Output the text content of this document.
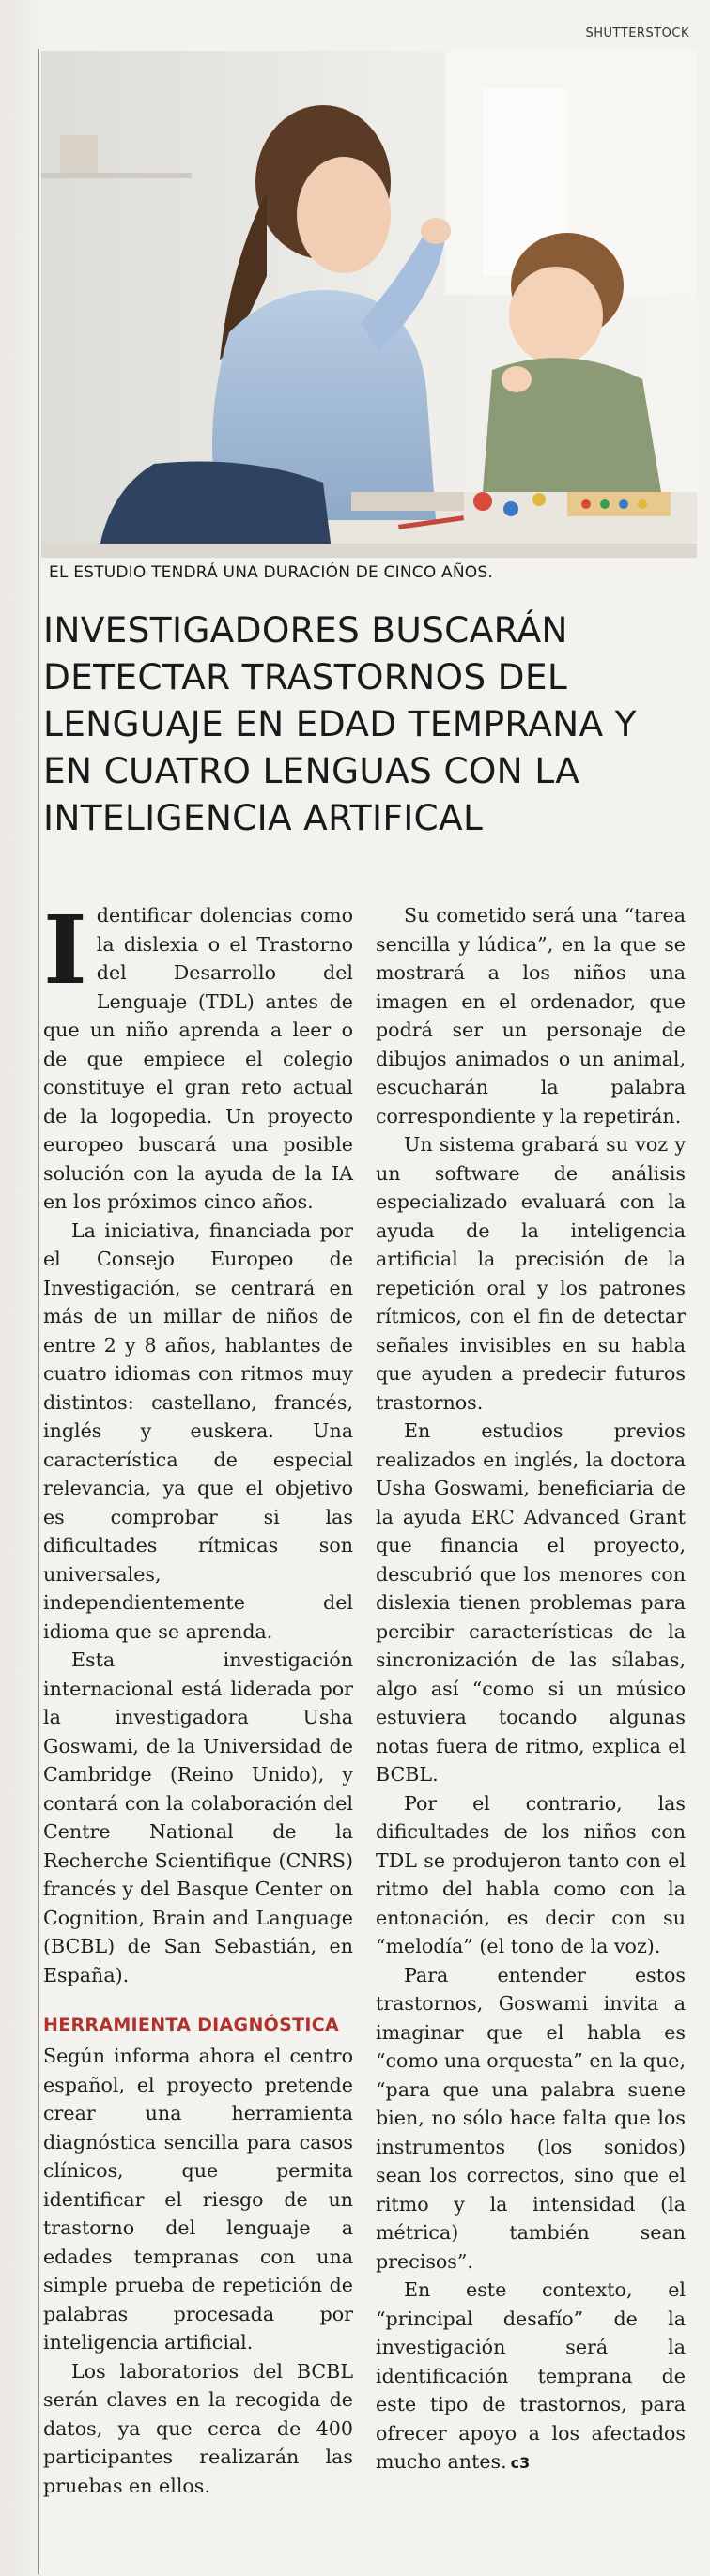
SHUTTERSTOCK
EL ESTUDIO TENDRÁ UNA DURACIÓN DE CINCO AÑOS.
INVESTIGADORES BUSCARÁN DETECTAR TRASTORNOS DEL LENGUAJE EN EDAD TEMPRANA Y EN CUATRO LENGUAS CON LA INTELIGENCIA ARTIFICAL

Identificar dolencias como la dislexia o el Trastorno del Desarrollo del Lenguaje (TDL) antes de que un niño aprenda a leer o de que empiece el colegio constituye el gran reto actual de la logopedia. Un proyecto europeo buscará una posible solución con la ayuda de la IA en los próximos cinco años.

La iniciativa, financiada por el Consejo Europeo de Investigación, se centrará en más de un millar de niños de entre 2 y 8 años, hablantes de cuatro idiomas con ritmos muy distintos: castellano, francés, inglés y euskera. Una característica de especial relevancia, ya que el objetivo es comprobar si las dificultades rítmicas son universales, independientemente del idioma que se aprenda.

Esta investigación internacional está liderada por la investigadora Usha Goswami, de la Universidad de Cambridge (Reino Unido), y contará con la colaboración del Centre National de la Recherche Scientifique (CNRS) francés y del Basque Center on Cognition, Brain and Language (BCBL) de San Sebastián, en España).

HERRAMIENTA DIAGNÓSTICA

Según informa ahora el centro español, el proyecto pretende crear una herramienta diagnóstica sencilla para casos clínicos, que permita identificar el riesgo de un trastorno del lenguaje a edades tempranas con una simple prueba de repetición de palabras procesada por inteligencia artificial.

Los laboratorios del BCBL serán claves en la recogida de datos, ya que cerca de 400 participantes realizarán las pruebas en ellos.

Su cometido será una “tarea sencilla y lúdica”, en la que se mostrará a los niños una imagen en el ordenador, que podrá ser un personaje de dibujos animados o un animal, escucharán la palabra correspondiente y la repetirán.

Un sistema grabará su voz y un software de análisis especializado evaluará con la ayuda de la inteligencia artificial la precisión de la repetición oral y los patrones rítmicos, con el fin de detectar señales invisibles en su habla que ayuden a predecir futuros trastornos.

En estudios previos realizados en inglés, la doctora Usha Goswami, beneficiaria de la ayuda ERC Advanced Grant que financia el proyecto, descubrió que los menores con dislexia tienen problemas para percibir características de la sincronización de las sílabas, algo así “como si un músico estuviera tocando algunas notas fuera de ritmo, explica el BCBL.

Por el contrario, las dificultades de los niños con TDL se produjeron tanto con el ritmo del habla como con la entonación, es decir con su “melodía” (el tono de la voz).

Para entender estos trastornos, Goswami invita a imaginar que el habla es “como una orquesta” en la que, “para que una palabra suene bien, no sólo hace falta que los instrumentos (los sonidos) sean los correctos, sino que el ritmo y la intensidad (la métrica) también sean precisos”.

En este contexto, el “principal desafío” de la investigación será la identificación temprana de este tipo de trastornos, para ofrecer apoyo a los afectados mucho antes. ᴄ3
